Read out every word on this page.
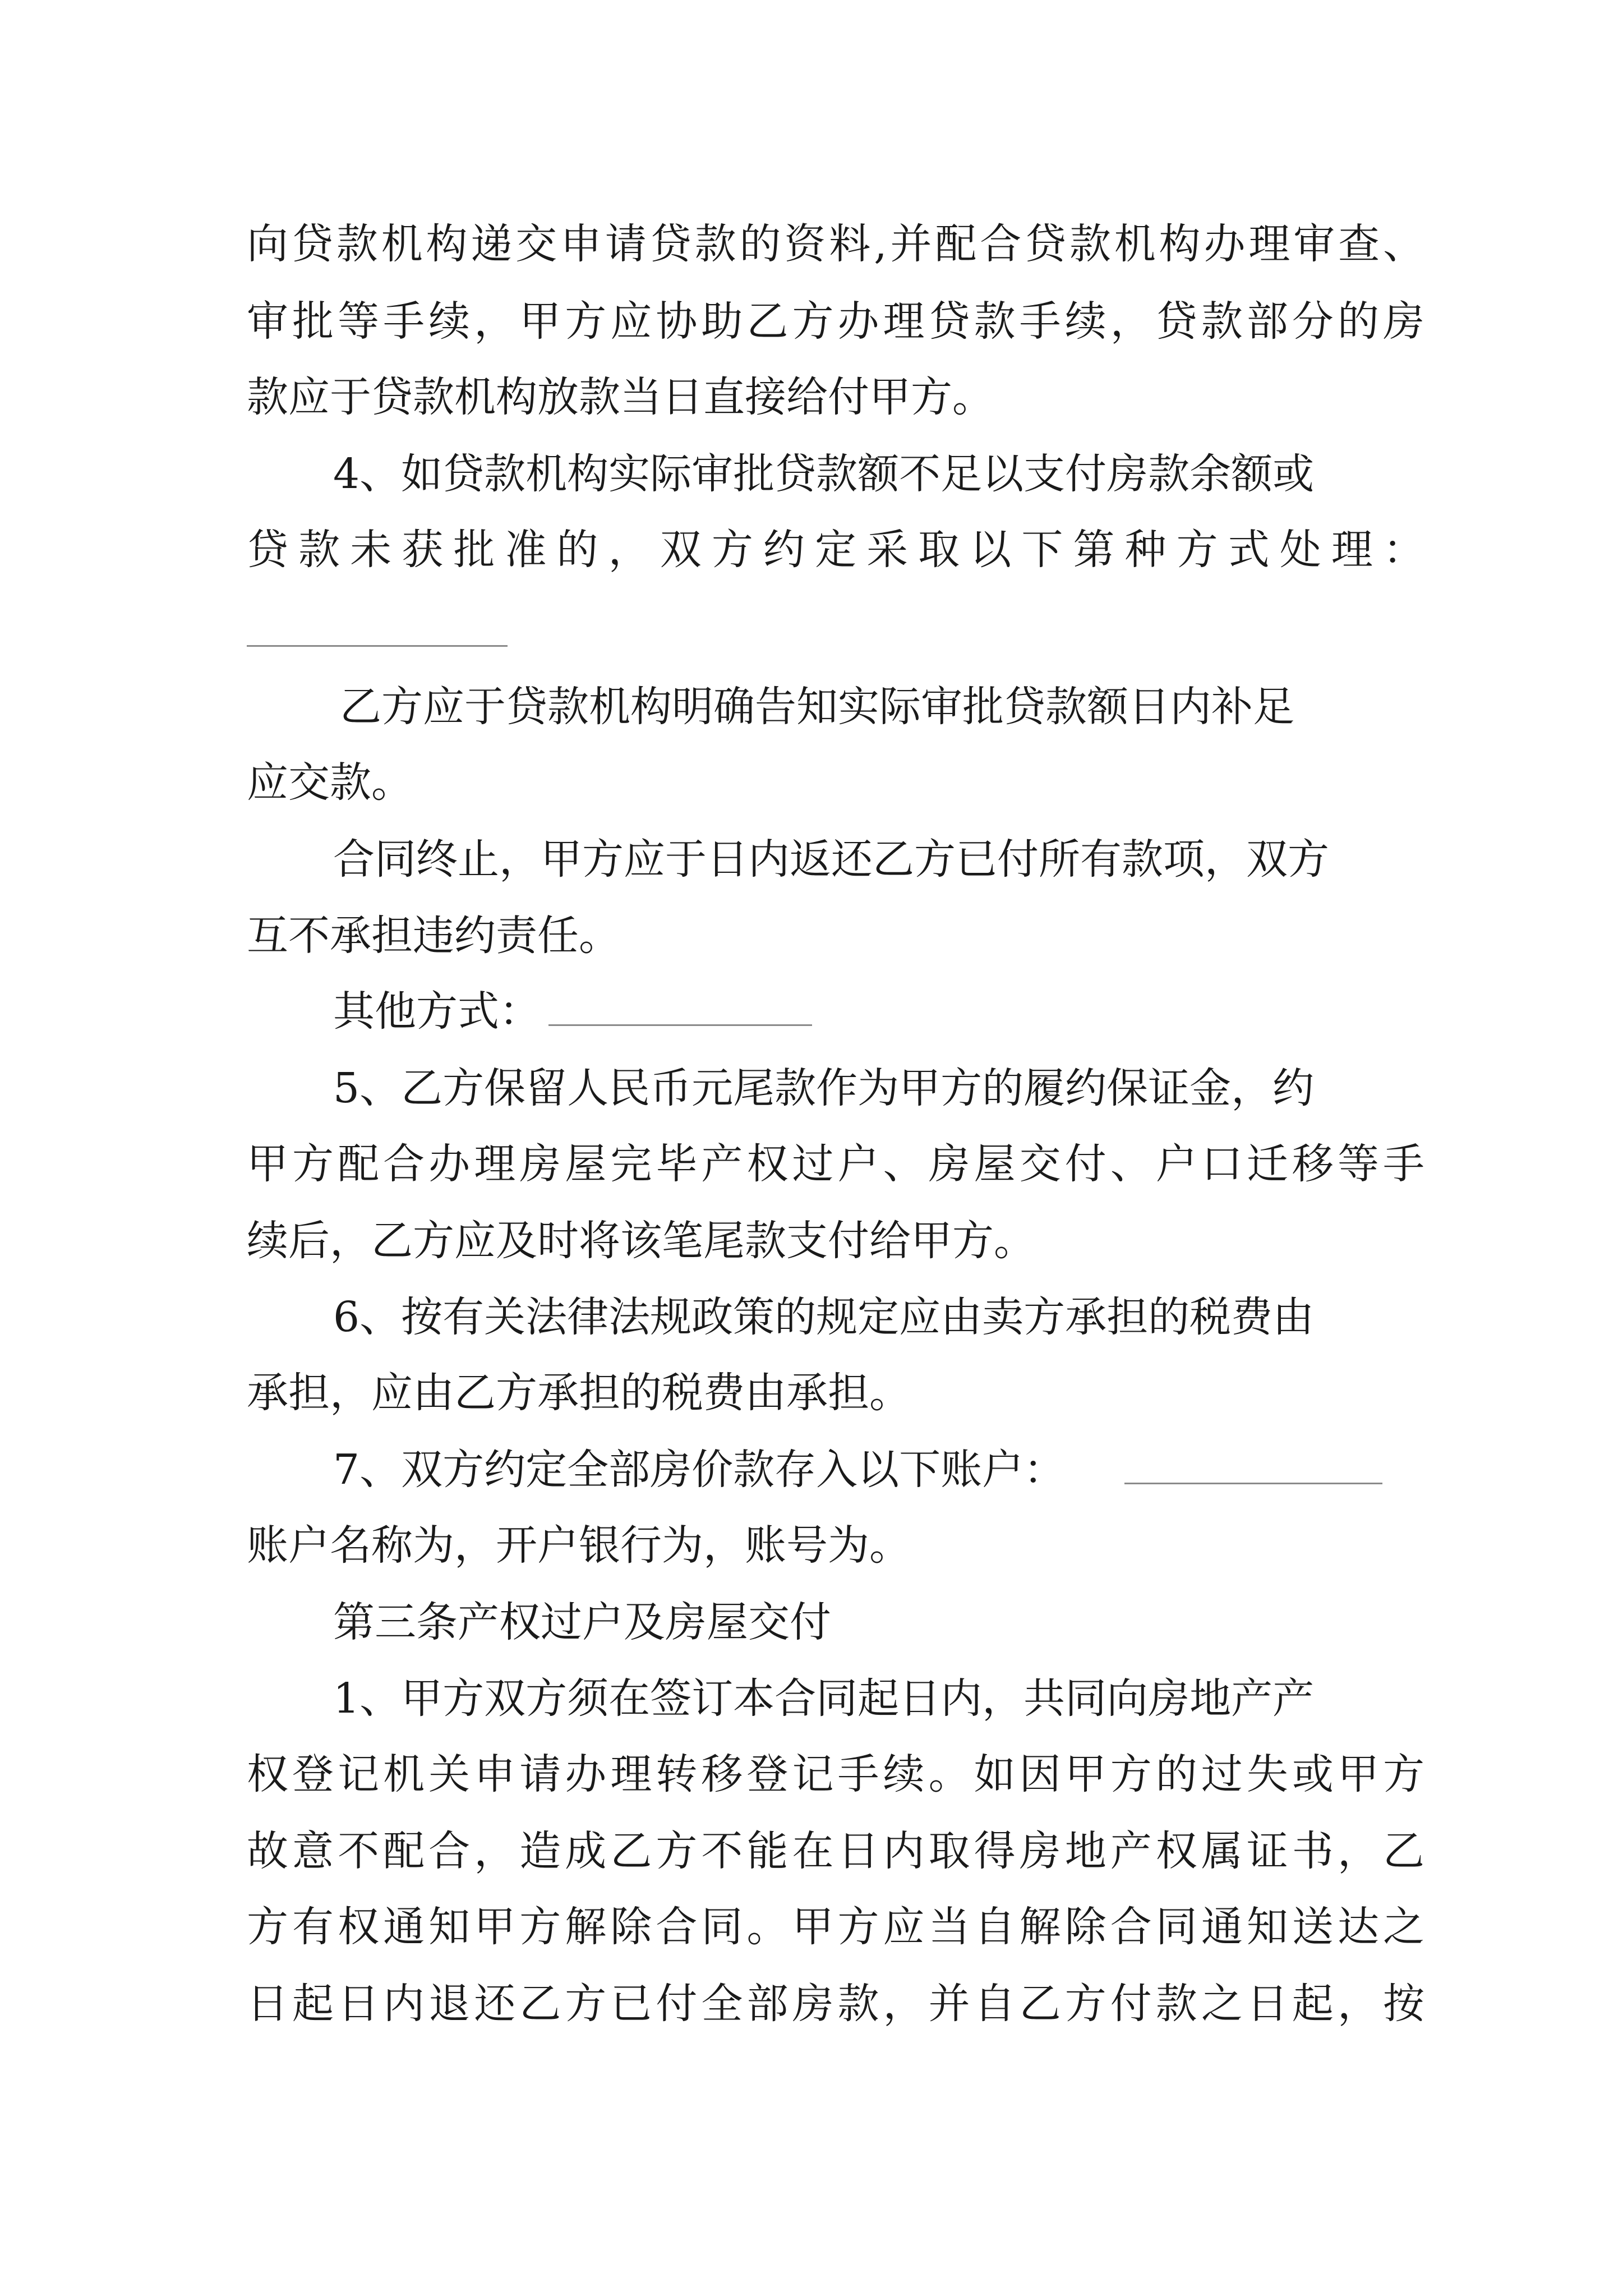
向贷款机构递交申请贷款的资料,并配合贷款机构办理审查、
审批等手续，甲方应协助乙方办理贷款手续，贷款部分的房
款应于贷款机构放款当日直接给付甲方。
4、如贷款机构实际审批贷款额不足以支付房款余额或
贷款未获批准的，双方约定采取以下第种方式处理：
乙方应于贷款机构明确告知实际审批贷款额日内补足
应交款。
合同终止，甲方应于日内返还乙方已付所有款项，双方
互不承担违约责任。
其他方式：
5、乙方保留人民币元尾款作为甲方的履约保证金，约
甲方配合办理房屋完毕产权过户、房屋交付、户口迁移等手
续后，乙方应及时将该笔尾款支付给甲方。
6、按有关法律法规政策的规定应由卖方承担的税费由
承担，应由乙方承担的税费由承担。
7、双方约定全部房价款存入以下账户：
账户名称为，开户银行为，账号为。
第三条产权过户及房屋交付
1、甲方双方须在签订本合同起日内，共同向房地产产
权登记机关申请办理转移登记手续。如因甲方的过失或甲方
故意不配合，造成乙方不能在日内取得房地产权属证书，乙
方有权通知甲方解除合同。甲方应当自解除合同通知送达之
日起日内退还乙方已付全部房款，并自乙方付款之日起，按
